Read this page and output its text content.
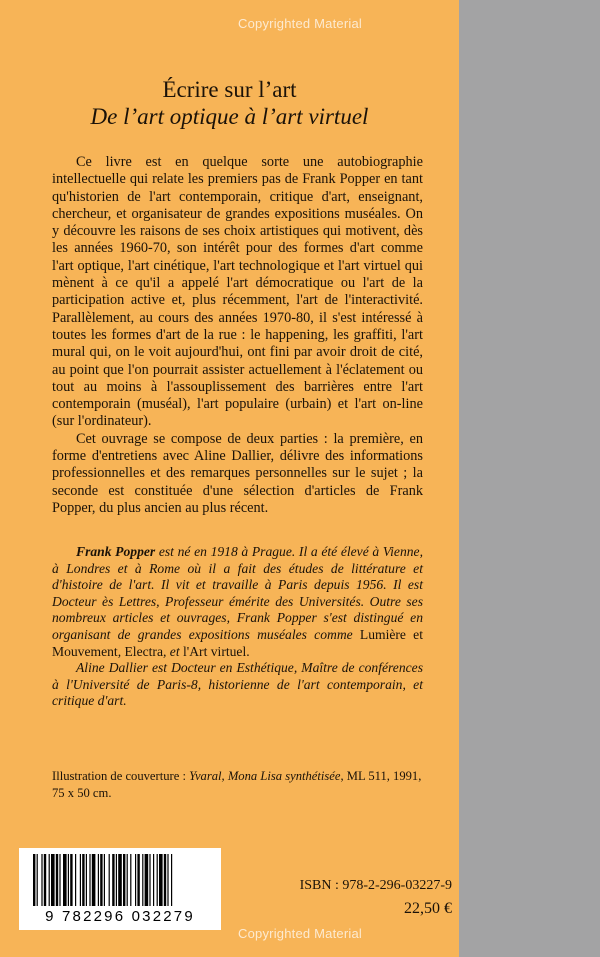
Copyrighted Material
Écrire sur l’art
De l’art optique à l’art virtuel

Ce livre est en quelque sorte une autobiographie intellectuelle qui relate les premiers pas de Frank Popper en tant qu'historien de l'art contemporain, critique d'art, enseignant, chercheur, et organisateur de grandes expositions muséales. On y découvre les raisons de ses choix artistiques qui motivent, dès les années 1960-70, son intérêt pour des formes d'art comme l'art optique, l'art cinétique, l'art technologique et l'art virtuel qui mènent à ce qu'il a appelé l'art démocratique ou l'art de la participation active et, plus récemment, l'art de l'interactivité. Parallèlement, au cours des années 1970-80, il s'est intéressé à toutes les formes d'art de la rue : le happening, les graffiti, l'art mural qui, on le voit aujourd'hui, ont fini par avoir droit de cité, au point que l'on pourrait assister actuellement à l'éclatement ou tout au moins à l'assouplissement des barrières entre l'art contemporain (muséal), l'art populaire (urbain) et l'art on-line (sur l'ordinateur).

Cet ouvrage se compose de deux parties : la première, en forme d'entretiens avec Aline Dallier, délivre des informations professionnelles et des remarques personnelles sur le sujet ; la seconde est constituée d'une sélection d'articles de Frank Popper, du plus ancien au plus récent.

Frank Popper est né en 1918 à Prague. Il a été élevé à Vienne, à Londres et à Rome où il a fait des études de littérature et d'histoire de l'art. Il vit et travaille à Paris depuis 1956. Il est Docteur ès Lettres, Professeur émérite des Universités. Outre ses nombreux articles et ouvrages, Frank Popper s'est distingué en organisant de grandes expositions muséales comme Lumière et Mouvement, Electra, et l'Art virtuel.

Aline Dallier est Docteur en Esthétique, Maître de conférences à l'Université de Paris-8, historienne de l'art contemporain, et critique d'art.

Illustration de couverture : Yvaral, Mona Lisa synthétisée, ML 511, 1991, 75 x 50 cm.
9 782296 032279
ISBN : 978-2-296-03227-9
22,50 €
Copyrighted Material
